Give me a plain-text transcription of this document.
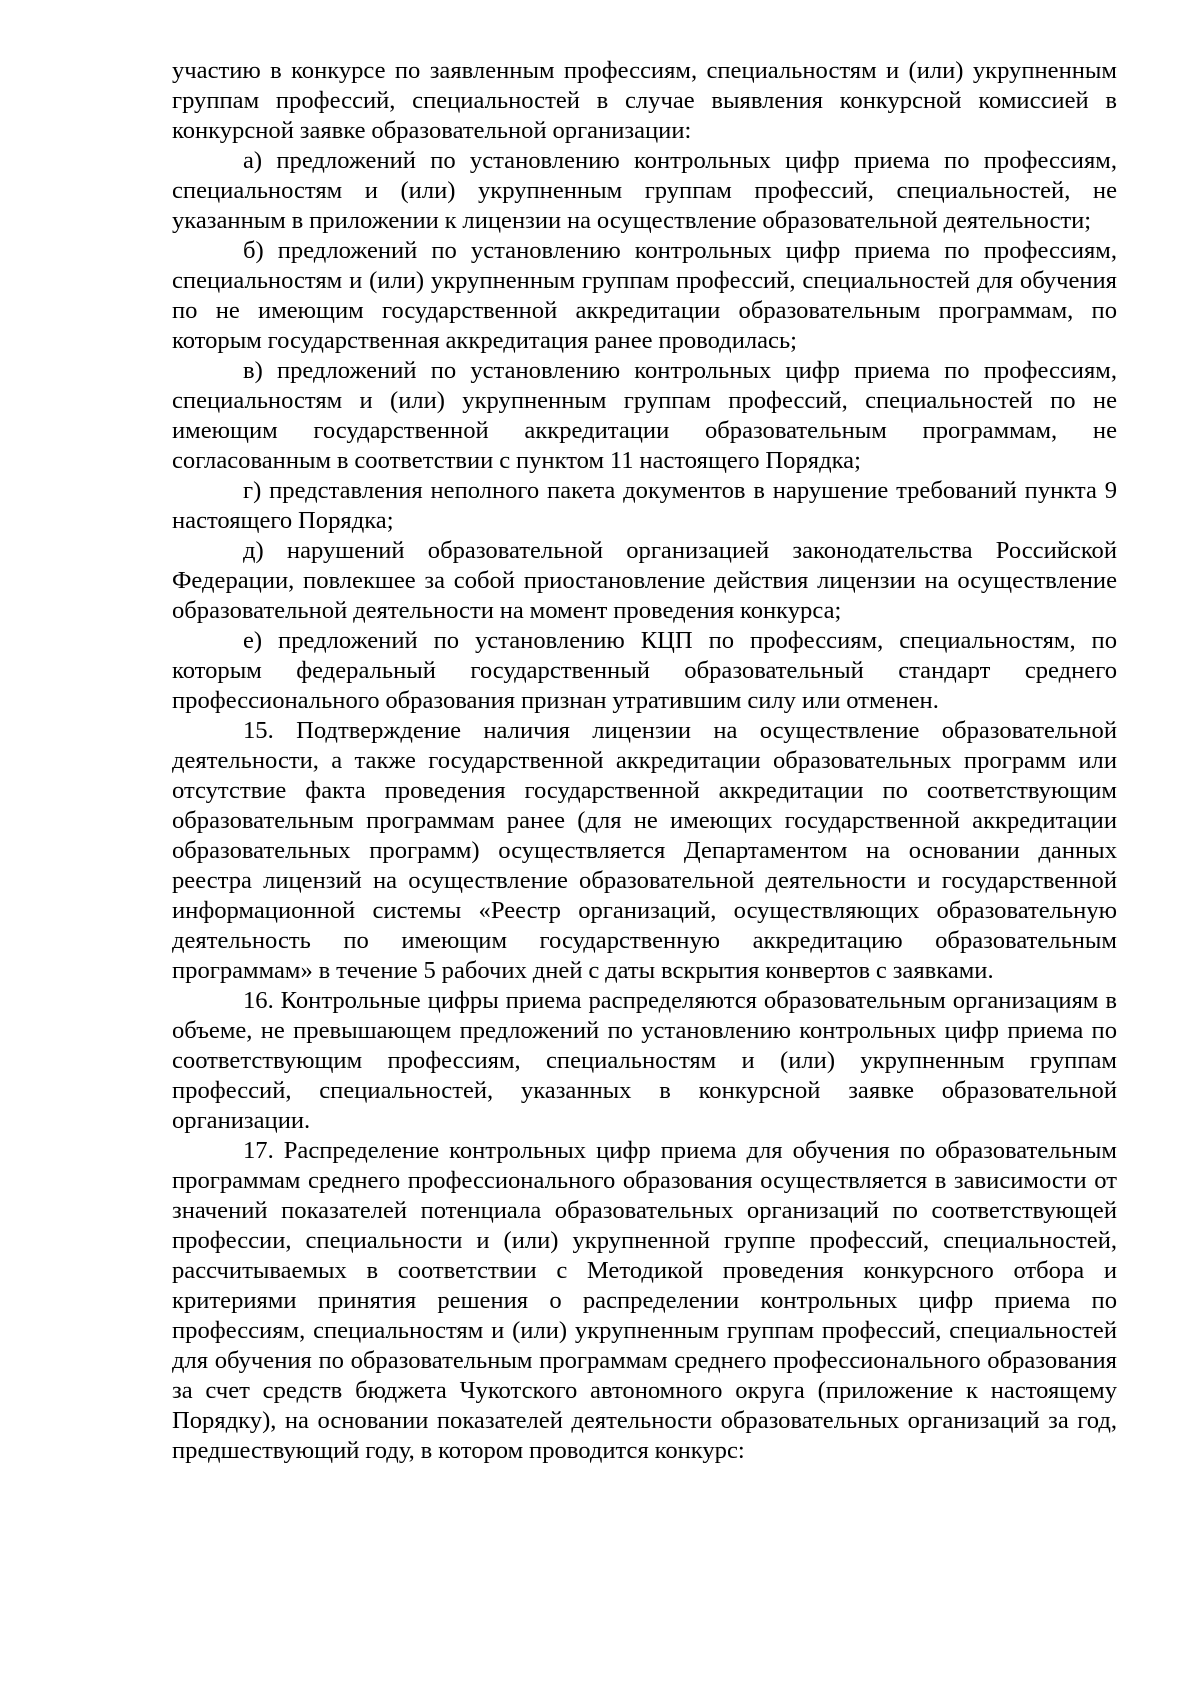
участию в конкурсе по заявленным профессиям, специальностям и (или) укрупненным группам профессий, специальностей в случае выявления конкурсной комиссией в конкурсной заявке образовательной организации:

а) предложений по установлению контрольных цифр приема по профессиям, специальностям и (или) укрупненным группам профессий, специальностей, не указанным в приложении к лицензии на осуществление образовательной деятельности;

б) предложений по установлению контрольных цифр приема по профессиям, специальностям и (или) укрупненным группам профессий, специальностей для обучения по не имеющим государственной аккредитации образовательным программам, по которым государственная аккредитация ранее проводилась;

в) предложений по установлению контрольных цифр приема по профессиям, специальностям и (или) укрупненным группам профессий, специальностей по не имеющим государственной аккредитации образовательным программам, не согласованным в соответствии с пунктом 11 настоящего Порядка;

г) представления неполного пакета документов в нарушение требований пункта 9 настоящего Порядка;

д) нарушений образовательной организацией законодательства Российской Федерации, повлекшее за собой приостановление действия лицензии на осуществление образовательной деятельности на момент проведения конкурса;

е) предложений по установлению КЦП по профессиям, специальностям, по которым федеральный государственный образовательный стандарт среднего профессионального образования признан утратившим силу или отменен.

15. Подтверждение наличия лицензии на осуществление образовательной деятельности, а также государственной аккредитации образовательных программ или отсутствие факта проведения государственной аккредитации по соответствующим образовательным программам ранее (для не имеющих государственной аккредитации образовательных программ) осуществляется Департаментом на основании данных реестра лицензий на осуществление образовательной деятельности и государственной информационной системы «Реестр организаций, осуществляющих образовательную деятельность по имеющим государственную аккредитацию образовательным программам» в течение 5 рабочих дней с даты вскрытия конвертов с заявками.

16. Контрольные цифры приема распределяются образовательным организациям в объеме, не превышающем предложений по установлению контрольных цифр приема по соответствующим профессиям, специальностям и (или) укрупненным группам профессий, специальностей, указанных в конкурсной заявке образовательной организации.

17. Распределение контрольных цифр приема для обучения по образовательным программам среднего профессионального образования осуществляется в зависимости от значений показателей потенциала образовательных организаций по соответствующей профессии, специальности и (или) укрупненной группе профессий, специальностей, рассчитываемых в соответствии с Методикой проведения конкурсного отбора и критериями принятия решения о распределении контрольных цифр приема по профессиям, специальностям и (или) укрупненным группам профессий, специальностей для обучения по образовательным программам среднего профессионального образования за счет средств бюджета Чукотского автономного округа (приложение к настоящему Порядку), на основании показателей деятельности образовательных организаций за год, предшествующий году, в котором проводится конкурс:
